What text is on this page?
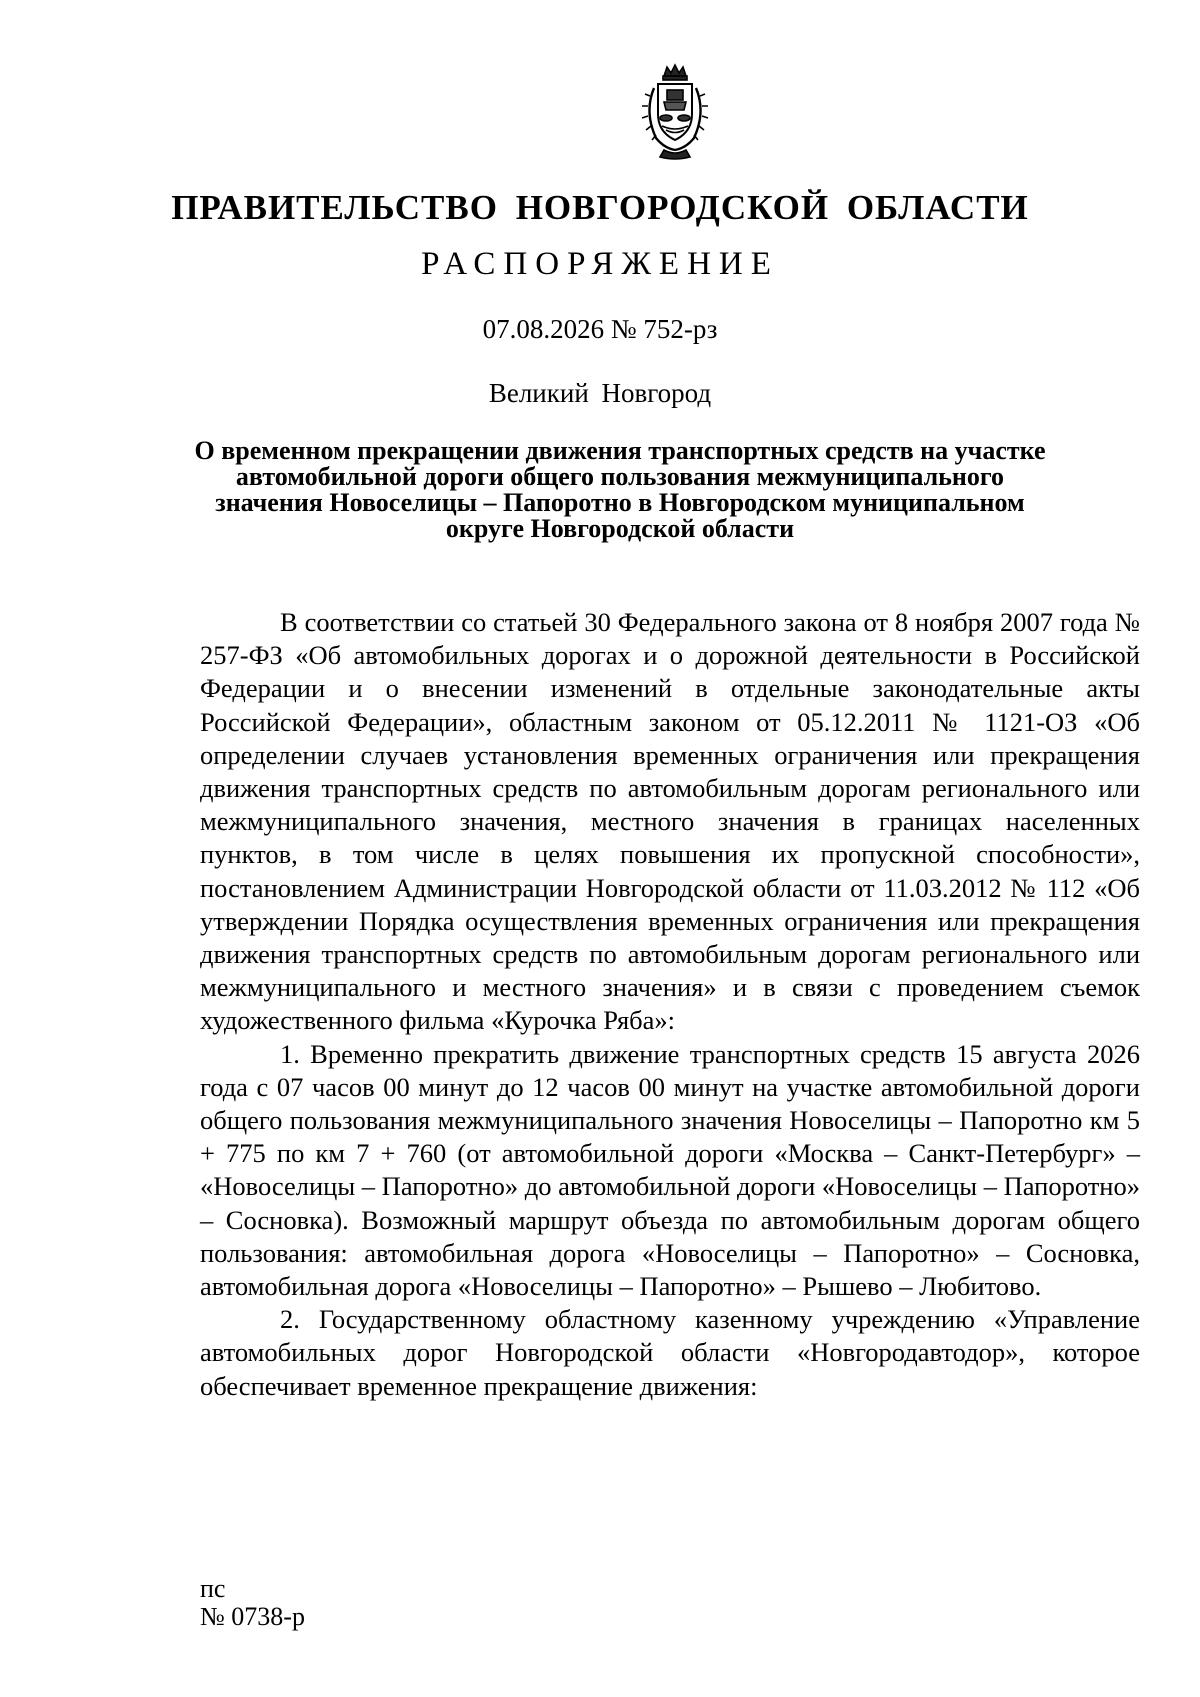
ПРАВИТЕЛЬСТВО НОВГОРОДСКОЙ ОБЛАСТИ
РАСПОРЯЖЕНИЕ
07.08.2026 № 752-рз
Великий Новгород
О временном прекращении движения транспортных средств на участке автомобильной дороги общего пользования межмуниципального значения Новоселицы – Папоротно в Новгородском муниципальном округе Новгородской области

В соответствии со статьей 30 Федерального закона от 8 ноября 2007 года № 257-ФЗ «Об автомобильных дорогах и о дорожной деятельности в Российской Федерации и о внесении изменений в отдельные законодательные акты Российской Федерации», областным законом от 05.12.2011 № 1121-ОЗ «Об определении случаев установления временных ограничения или прекращения движения транспортных средств по автомобильным дорогам регионального или межмуниципального значения, местного значения в границах населенных пунктов, в том числе в целях повышения их пропускной способности», постановлением Администрации Новгородской области от 11.03.2012 № 112 «Об утверждении Порядка осуществления временных ограничения или прекращения движения транспортных средств по автомобильным дорогам регионального или межмуниципального и местного значения» и в связи с проведением съемок художественного фильма «Курочка Ряба»:

1. Временно прекратить движение транспортных средств 15 августа 2026 года с 07 часов 00 минут до 12 часов 00 минут на участке автомобильной дороги общего пользования межмуниципального значения Новоселицы – Папоротно км 5 + 775 по км 7 + 760 (от автомобильной дороги «Москва – Санкт-Петербург» – «Новоселицы – Папоротно» до автомобильной дороги «Новоселицы – Папоротно» – Сосновка). Возможный маршрут объезда по автомобильным дорогам общего пользования: автомобильная дорога «Новоселицы – Папоротно» – Сосновка, автомобильная дорога «Новоселицы – Папоротно» – Рышево – Любитово.

2. Государственному областному казенному учреждению «Управление автомобильных дорог Новгородской области «Новгородавтодор», которое обеспечивает временное прекращение движения:

пс
№ 0738-р
